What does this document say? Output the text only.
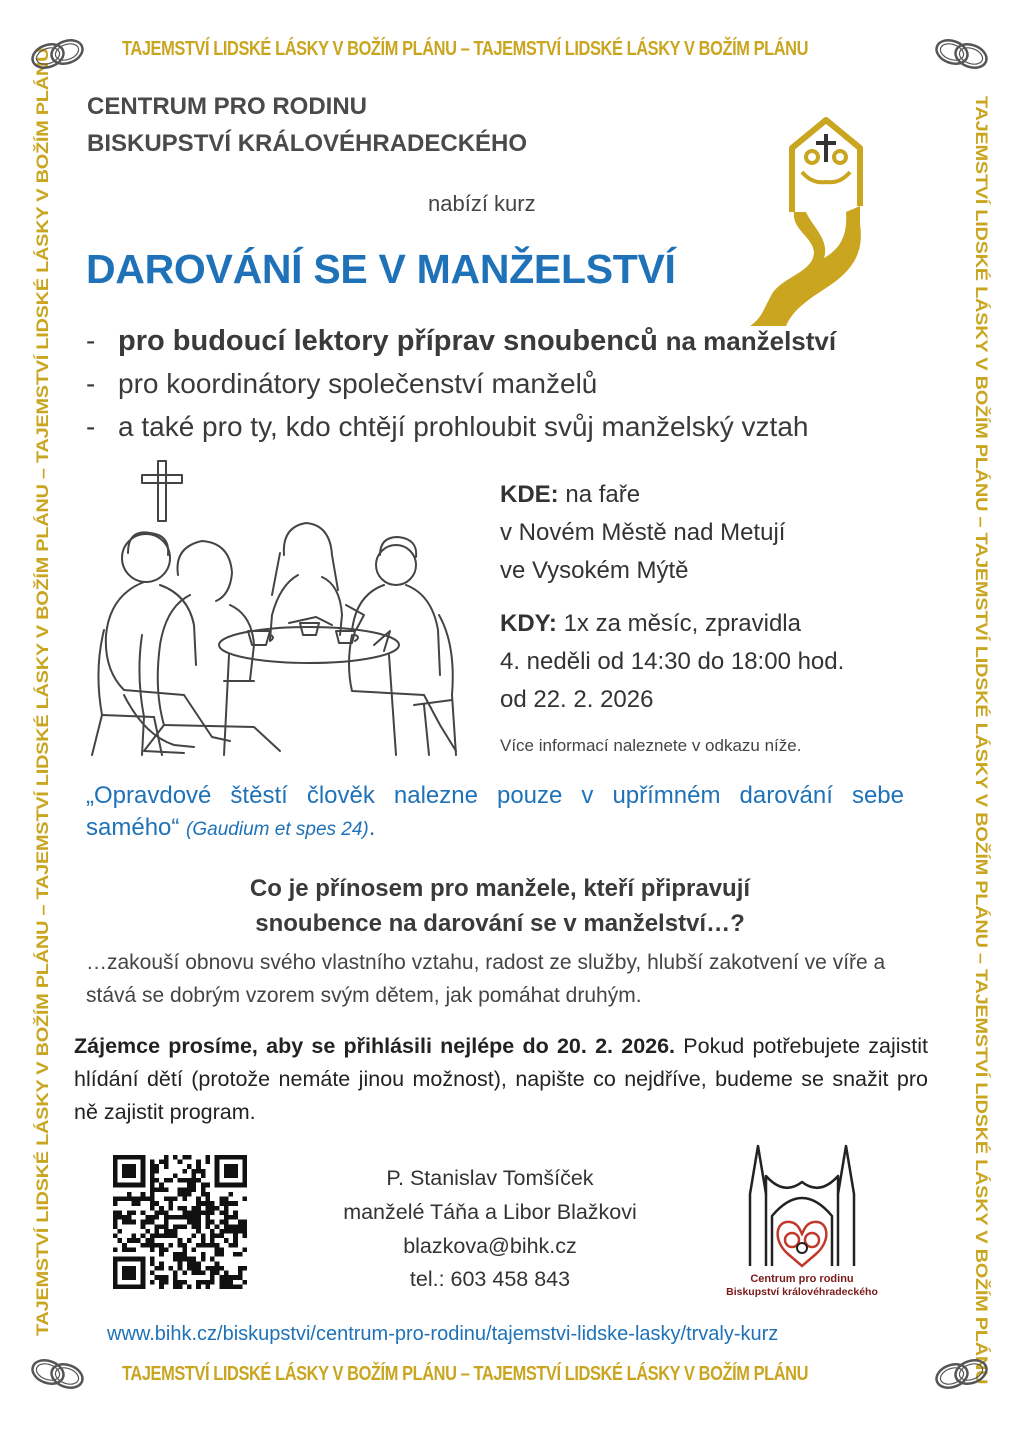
TAJEMSTVÍ LIDSKÉ LÁSKY V BOŽÍM PLÁNU – TAJEMSTVÍ LIDSKÉ LÁSKY V BOŽÍM PLÁNU
TAJEMSTVÍ LIDSKÉ LÁSKY V BOŽÍM PLÁNU – TAJEMSTVÍ LIDSKÉ LÁSKY V BOŽÍM PLÁNU
TAJEMSTVÍ LIDSKÉ LÁSKY V BOŽÍM PLÁNU – TAJEMSTVÍ LIDSKÉ LÁSKY V BOŽÍM PLÁNU – TAJEMSTVÍ LIDSKÉ LÁSKY V BOŽÍM PLÁNU	TAJEMSTVÍ LIDSKÉ LÁSKY V BOŽÍM PLÁNU – TAJEMSTVÍ LIDSKÉ LÁSKY V BOŽÍM PLÁNU – TAJEMSTVÍ LIDSKÉ LÁSKY V BOŽÍM PLÁNU
CENTRUM PRO RODINU
BISKUPSTVÍ KRÁLOVÉHRADECKÉHO
nabízí kurz
DAROVÁNÍ SE V MANŽELSTVÍ
- pro budoucí lektory příprav snoubenců na manželství
- pro koordinátory společenství manželů
- a také pro ty, kdo chtějí prohloubit svůj manželský vztah
KDE: na faře
v Novém Městě nad Metují
ve Vysokém Mýtě
KDY: 1x za měsíc, zpravidla
4. neděli od 14:30 do 18:00 hod.
od 22. 2. 2026
Více informací naleznete v odkazu níže.
„Opravdové štěstí člověk nalezne pouze v upřímném darování sebe samého“ (Gaudium et spes 24).
Co je přínosem pro manžele, kteří připravují
snoubence na darování se v manželství…?
…zakouší obnovu svého vlastního vztahu, radost ze služby, hlubší zakotvení ve víře a stává se dobrým vzorem svým dětem, jak pomáhat druhým.
Zájemce prosíme, aby se přihlásili nejlépe do 20. 2. 2026. Pokud potřebujete zajistit hlídání dětí (protože nemáte jinou možnost), napište co nejdříve, budeme se snažit pro ně zajistit program.
P. Stanislav Tomšíček
manželé Táňa a Libor Blažkovi
blazkova@bihk.cz
tel.: 603 458 843	Centrum pro rodinu
Biskupství královéhradeckého
www.bihk.cz/biskupstvi/centrum-pro-rodinu/tajemstvi-lidske-lasky/trvaly-kurz
